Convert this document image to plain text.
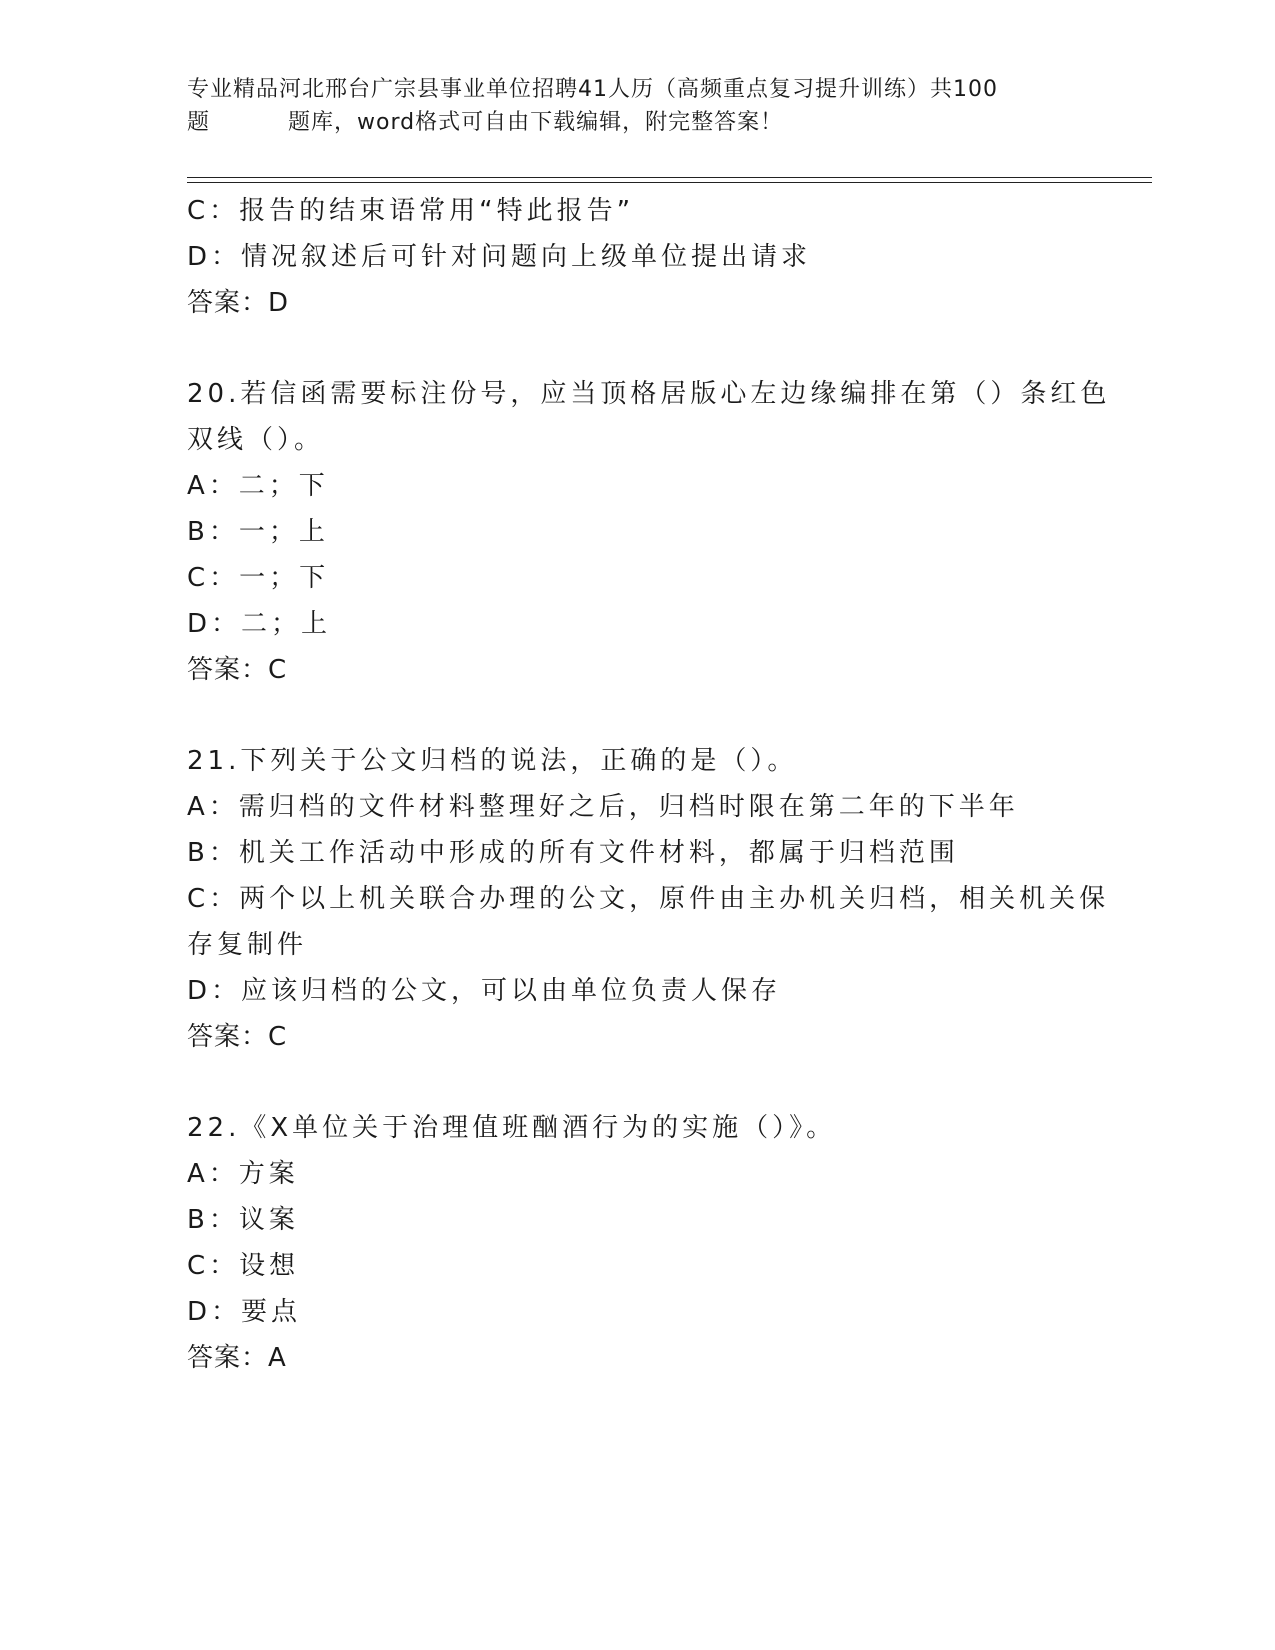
专业精品河北邢台广宗县事业单位招聘41人历（高频重点复习提升训练）共100
题	题库，word格式可自由下载编辑，附完整答案！
C：报告的结束语常用“特此报告”
D：情况叙述后可针对问题向上级单位提出请求
答案：D
20.若信函需要标注份号，应当顶格居版心左边缘编排在第（）条红色
双线（）。
A：二；下
B：一；上
C：一；下
D：二；上
答案：C
21.下列关于公文归档的说法，正确的是（）。
A：需归档的文件材料整理好之后，归档时限在第二年的下半年
B：机关工作活动中形成的所有文件材料，都属于归档范围
C：两个以上机关联合办理的公文，原件由主办机关归档，相关机关保
存复制件
D：应该归档的公文，可以由单位负责人保存
答案：C
22.《X单位关于治理值班酗酒行为的实施（）》。
A：方案
B：议案
C：设想
D：要点
答案：A
